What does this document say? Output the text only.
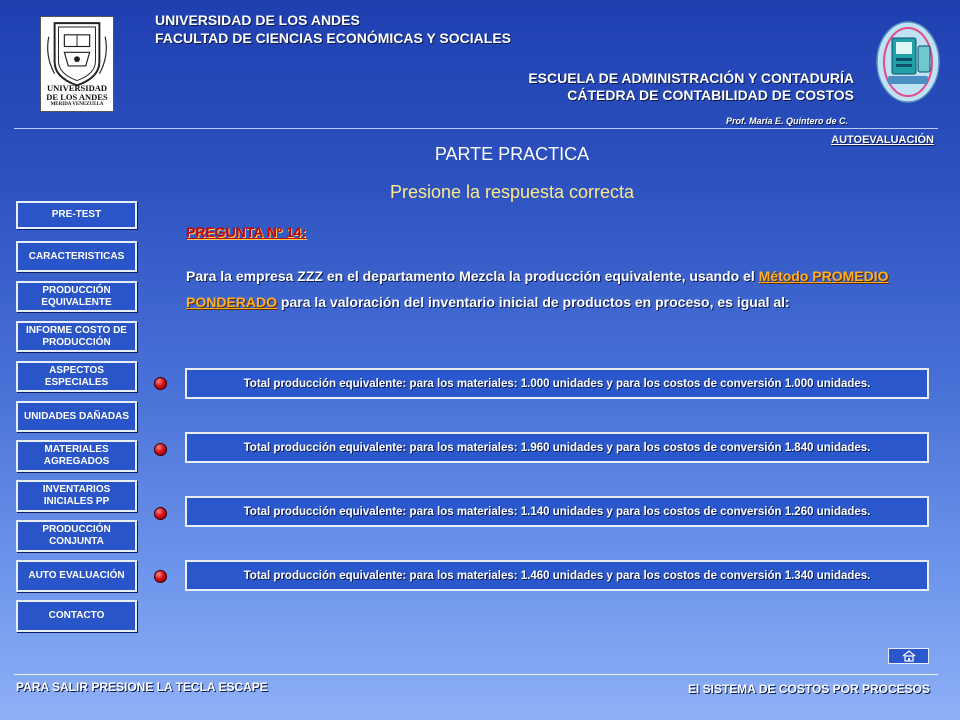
UNIVERSIDAD
DE LOS ANDES
MERIDA VENEZUELA
UNIVERSIDAD DE LOS ANDES
FACULTAD DE CIENCIAS ECONÓMICAS Y SOCIALES
ESCUELA DE ADMINISTRACIÓN Y CONTADURÍA
CÁTEDRA DE CONTABILIDAD DE COSTOS
Prof. María E. Quintero de C.
AUTOEVALUACIÓN
PARTE PRACTICA
Presione la respuesta correcta
PRE-TEST
CARACTERISTICAS
PRODUCCIÓN EQUIVALENTE
INFORME COSTO DE PRODUCCIÓN
ASPECTOS ESPECIALES
UNIDADES DAÑADAS
MATERIALES AGREGADOS
INVENTARIOS INICIALES PP
PRODUCCIÓN CONJUNTA
AUTO EVALUACIÓN
CONTACTO
PREGUNTA Nº 14:
Para la empresa ZZZ en el departamento Mezcla la producción equivalente, usando el Método PROMEDIO PONDERADO para la valoración del inventario inicial de productos en proceso, es igual al:
Total producción equivalente: para los materiales: 1.000 unidades y para los costos de conversión 1.000 unidades.
Total producción equivalente: para los materiales: 1.960 unidades y para los costos de conversión 1.840 unidades.
Total producción equivalente: para los materiales: 1.140 unidades y para los costos de conversión 1.260 unidades.
Total producción equivalente: para los materiales: 1.460 unidades y para los costos de conversión 1.340 unidades.
PARA SALIR PRESIONE LA TECLA ESCAPE	El SISTEMA DE COSTOS POR PROCESOS
